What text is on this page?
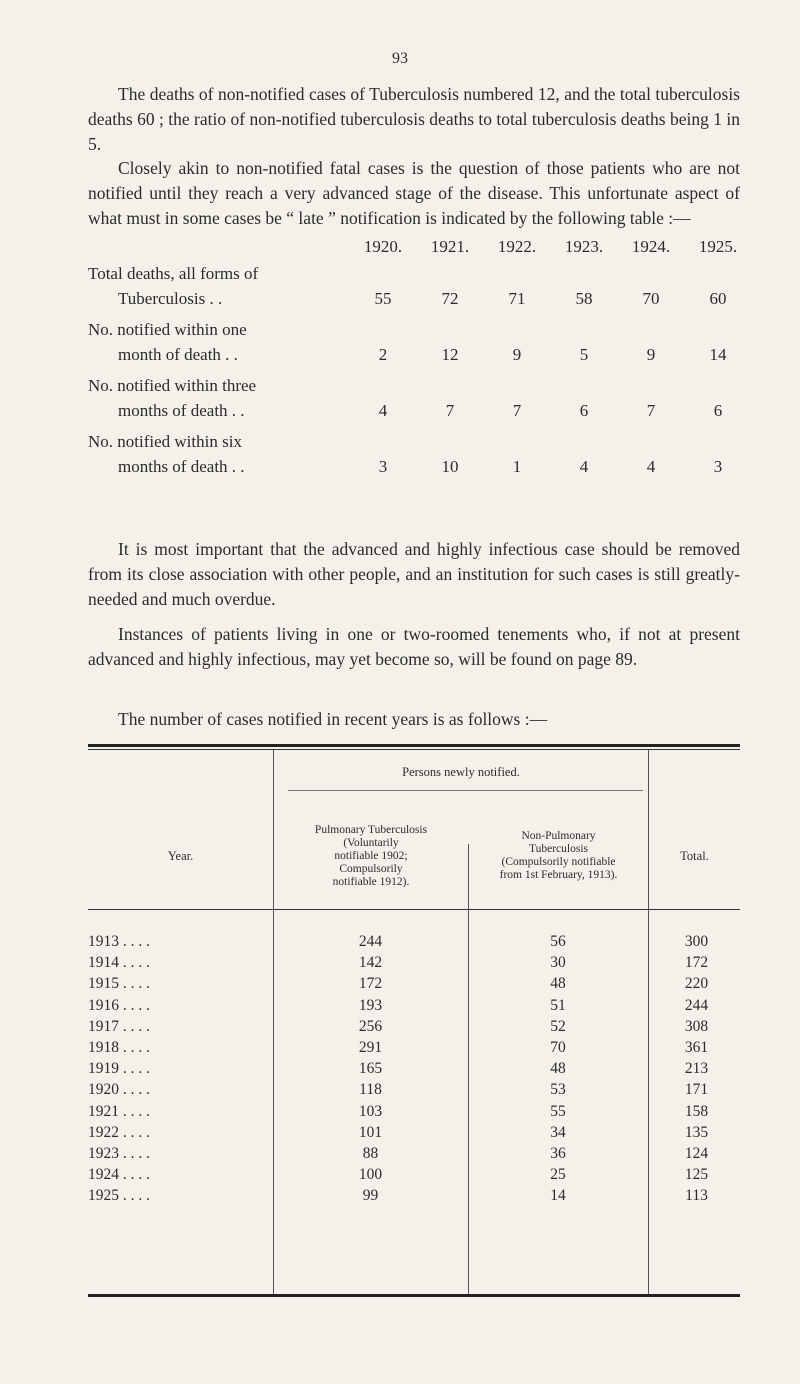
93

The deaths of non-notified cases of Tuberculosis numbered 12, and the total tuberculosis deaths 60 ; the ratio of non-notified tuberculosis deaths to total tuberculosis deaths being 1 in 5.

Closely akin to non-notified fatal cases is the question of those patients who are not notified until they reach a very advanced stage of the disease. This unfortunate aspect of what must in some cases be “ late ” notification is indicated by the following table :—

1920.	1921.	1922.	1923.	1924.	1925.
Total deaths, all forms of
Tuberculosis . .	55	72	71	58	70	60
No. notified within one
month of death . .	2	12	9	5	9	14
No. notified within three
months of death . .	4	7	7	6	7	6
No. notified within six
months of death . .	3	10	1	4	4	3

It is most important that the advanced and highly infectious case should be removed from its close association with other people, and an institution for such cases is still greatly-needed and much overdue.

Instances of patients living in one or two-roomed tenements who, if not at present advanced and highly infectious, may yet become so, will be found on page 89.

The number of cases notified in recent years is as follows :—

Year.
Persons newly notified.
Pulmonary Tuberculosis
(Voluntarily
notifiable 1902;
Compulsorily
notifiable 1912).
Non-Pulmonary
Tuberculosis
(Compulsorily notifiable
from 1st February, 1913).
Total.
1913 . . . .	244	56	300
1914 . . . .	142	30	172
1915 . . . .	172	48	220
1916 . . . .	193	51	244
1917 . . . .	256	52	308
1918 . . . .	291	70	361
1919 . . . .	165	48	213
1920 . . . .	118	53	171
1921 . . . .	103	55	158
1922 . . . .	101	34	135
1923 . . . .	88	36	124
1924 . . . .	100	25	125
1925 . . . .	99	14	113
